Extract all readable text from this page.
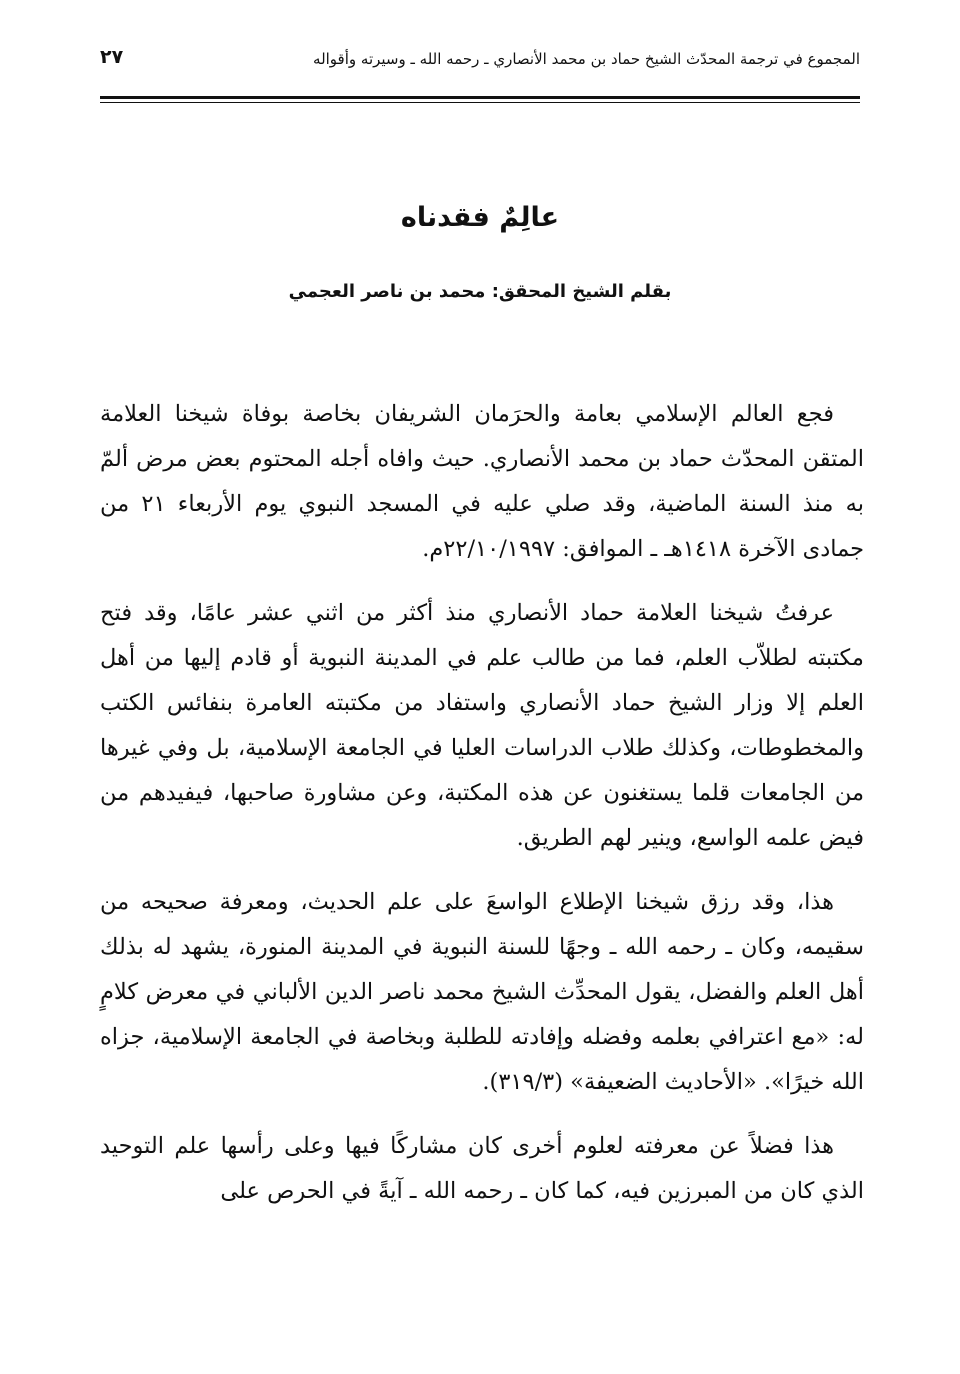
المجموع في ترجمة المحدّث الشيخ حماد بن محمد الأنصاري ـ رحمه الله ـ وسيرته وأقواله
٢٧
عالِمٌ فقدناه
بقلم الشيخ المحقق: محمد بن ناصر العجمي

فجع العالم الإسلامي بعامة والحرَمان الشريفان بخاصة بوفاة شيخنا العلامة المتقن المحدّث حماد بن محمد الأنصاري. حيث وافاه أجله المحتوم بعض مرض ألمّ به منذ السنة الماضية، وقد صلي عليه في المسجد النبوي يوم الأربعاء ٢١ من جمادى الآخرة ١٤١٨هـ ـ الموافق: ٢٢/١٠/١٩٩٧م.

عرفتُ شيخنا العلامة حماد الأنصاري منذ أكثر من اثني عشر عامًا، وقد فتح مكتبته لطلاّب العلم، فما من طالب علم في المدينة النبوية أو قادم إليها من أهل العلم إلا وزار الشيخ حماد الأنصاري واستفاد من مكتبته العامرة بنفائس الكتب والمخطوطات، وكذلك طلاب الدراسات العليا في الجامعة الإسلامية، بل وفي غيرها من الجامعات قلما يستغنون عن هذه المكتبة، وعن مشاورة صاحبها، فيفيدهم من فيض علمه الواسع، وينير لهم الطريق.

هذا، وقد رزق شيخنا الإطلاع الواسعَ على علم الحديث، ومعرفة صحيحه من سقيمه، وكان ـ رحمه الله ـ وجهًا للسنة النبوية في المدينة المنورة، يشهد له بذلك أهل العلم والفضل، يقول المحدِّث الشيخ محمد ناصر الدين الألباني في معرض كلامٍ له: «مع اعترافي بعلمه وفضله وإفادته للطلبة وبخاصة في الجامعة الإسلامية، جزاه الله خيرًا». «الأحاديث الضعيفة» (٣١٩/٣).

هذا فضلاً عن معرفته لعلوم أخرى كان مشاركًا فيها وعلى رأسها علم التوحيد الذي كان من المبرزين فيه، كما كان ـ رحمه الله ـ آيةً في الحرص على
